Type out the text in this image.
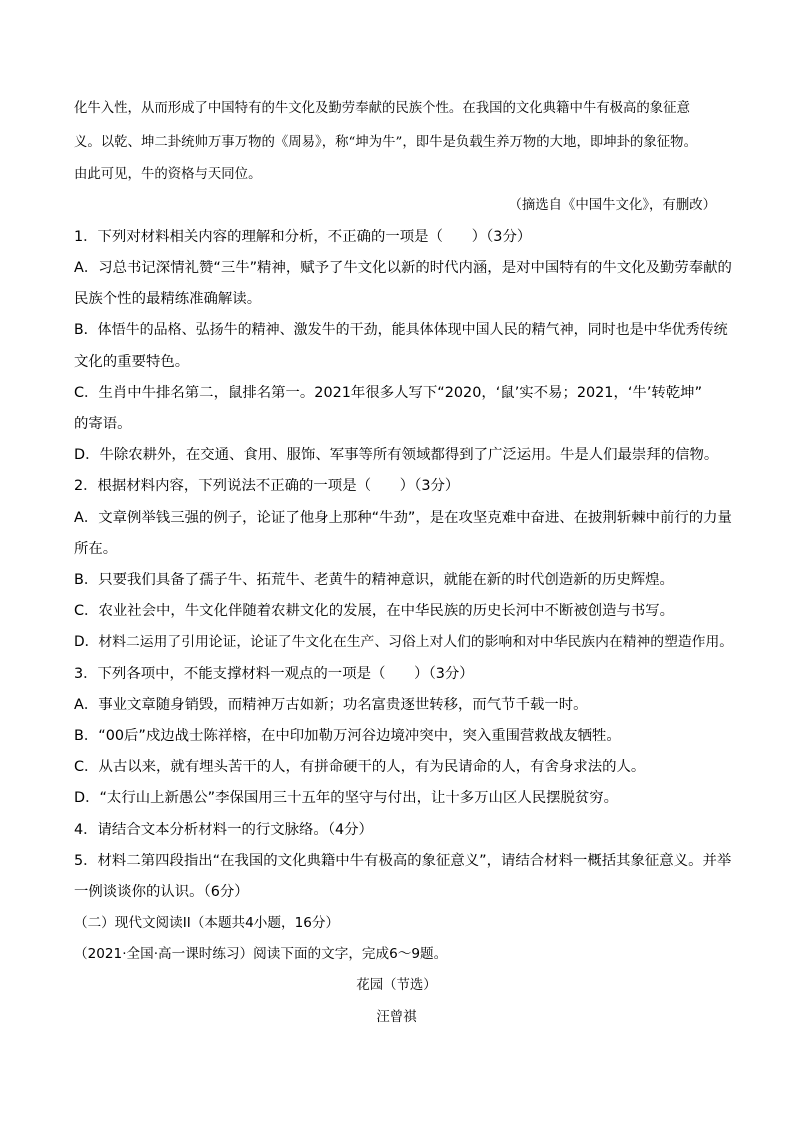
化牛入性，从而形成了中国特有的牛文化及勤劳奉献的民族个性。在我国的文化典籍中牛有极高的象征意
义。以乾、坤二卦统帅万事万物的《周易》，称“坤为牛”，即牛是负载生养万物的大地，即坤卦的象征物。
由此可见，牛的资格与天同位。
（摘选自《中国牛文化》，有删改）
1．下列对材料相关内容的理解和分析，不正确的一项是（　　）（3分）
A．习总书记深情礼赞“三牛”精神，赋予了牛文化以新的时代内涵，是对中国特有的牛文化及勤劳奉献的
民族个性的最精练准确解读。
B．体悟牛的品格、弘扬牛的精神、激发牛的干劲，能具体体现中国人民的精气神，同时也是中华优秀传统
文化的重要特色。
C．生肖中牛排名第二，鼠排名第一。2021年很多人写下“2020，‘鼠’实不易；2021，‘牛’转乾坤”
的寄语。
D．牛除农耕外，在交通、食用、服饰、军事等所有领域都得到了广泛运用。牛是人们最崇拜的信物。
2．根据材料内容，下列说法不正确的一项是（　　）（3分）
A．文章例举钱三强的例子，论证了他身上那种“牛劲”，是在攻坚克难中奋进、在披荆斩棘中前行的力量
所在。
B．只要我们具备了孺子牛、拓荒牛、老黄牛的精神意识，就能在新的时代创造新的历史辉煌。
C．农业社会中，牛文化伴随着农耕文化的发展，在中华民族的历史长河中不断被创造与书写。
D．材料二运用了引用论证，论证了牛文化在生产、习俗上对人们的影响和对中华民族内在精神的塑造作用。
3．下列各项中，不能支撑材料一观点的一项是（　　）（3分）
A．事业文章随身销毁，而精神万古如新；功名富贵逐世转移，而气节千载一时。
B．“00后”戍边战士陈祥榕，在中印加勒万河谷边境冲突中，突入重围营救战友牺牲。
C．从古以来，就有埋头苦干的人，有拼命硬干的人，有为民请命的人，有舍身求法的人。
D．“太行山上新愚公”李保国用三十五年的坚守与付出，让十多万山区人民摆脱贫穷。
4．请结合文本分析材料一的行文脉络。（4分）
5．材料二第四段指出“在我国的文化典籍中牛有极高的象征意义”，请结合材料一概括其象征意义。并举
一例谈谈你的认识。（6分）
（二）现代文阅读II（本题共4小题，16分）
（2021·全国·高一课时练习）阅读下面的文字，完成6～9题。
花园（节选）
汪曾祺
